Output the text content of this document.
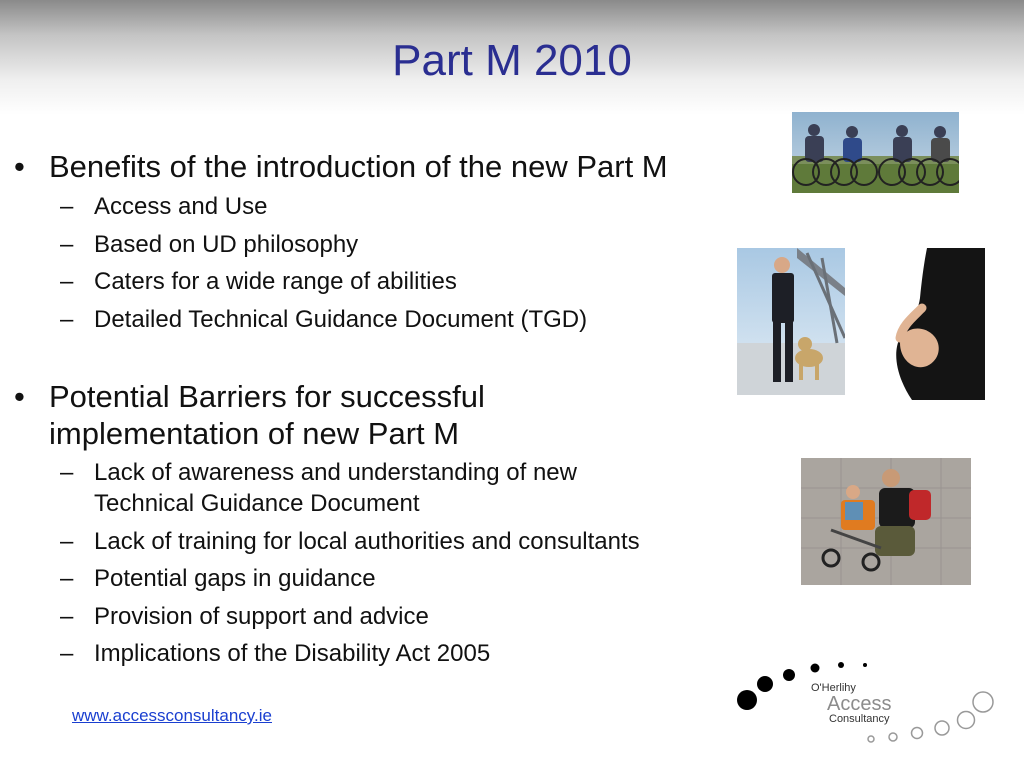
Part M 2010
• Benefits of the introduction of the new Part M
– Access and Use
– Based on UD philosophy
– Caters for a wide range of abilities
– Detailed Technical Guidance Document (TGD)
• Potential Barriers for successful
implementation of new Part M
– Lack of awareness and understanding of new
Technical Guidance Document
– Lack of training for local authorities and consultants
– Potential gaps in guidance
– Provision of support and advice
– Implications of the Disability Act 2005
www.accessconsultancy.ie
O'Herlihy
Access
Consultancy
